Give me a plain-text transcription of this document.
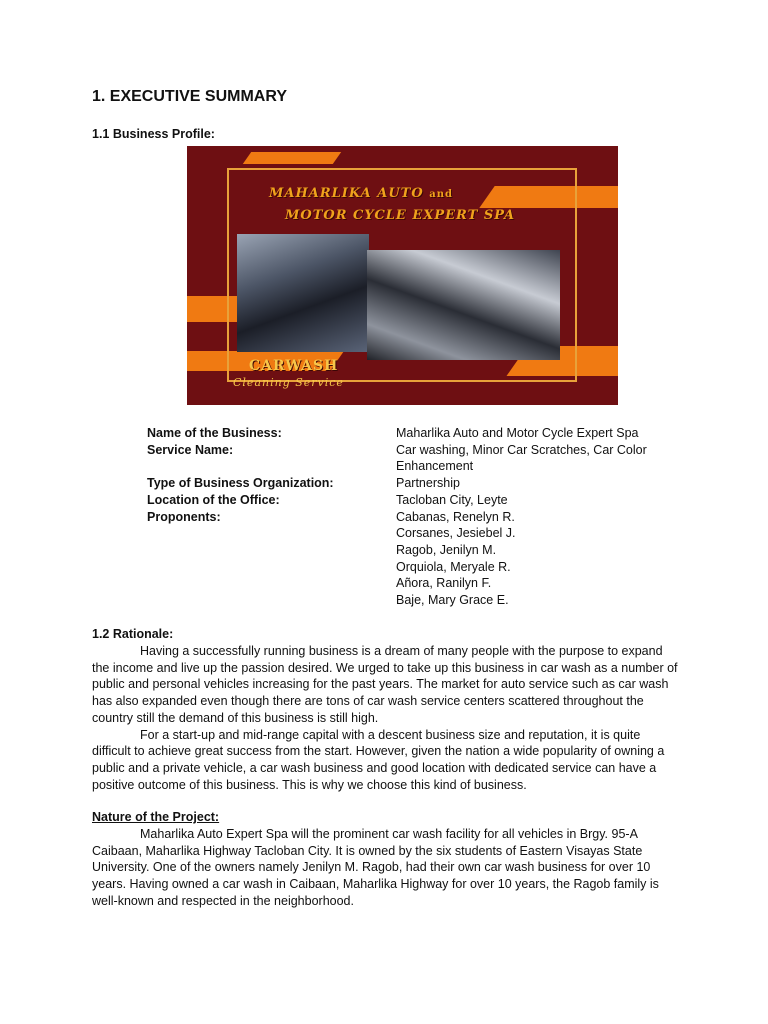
1. EXECUTIVE SUMMARY
1.1 Business Profile:
MAHARLIKA AUTO and
MOTOR CYCLE EXPERT SPA
CARWASH
Cleaning Service
Name of the Business:	Maharlika Auto and Motor Cycle Expert Spa
Service Name:	Car washing, Minor Car Scratches, Car Color
Enhancement
Type of Business Organization:	Partnership
Location of the Office:	Tacloban City, Leyte
Proponents:	Cabanas, Renelyn R.
Corsanes, Jesiebel J.
Ragob, Jenilyn M.
Orquiola, Meryale R.
Añora, Ranilyn F.
Baje, Mary Grace E.
1.2 Rationale:

Having a successfully running business is a dream of many people with the purpose to expand the income and live up the passion desired. We urged to take up this business in car wash as a number of public and personal vehicles increasing for the past years. The market for auto service such as car wash has also expanded even though there are tons of car wash service centers scattered throughout the country still the demand of this business is still high.

For a start-up and mid-range capital with a descent business size and reputation, it is quite difficult to achieve great success from the start. However, given the nation a wide popularity of owning a public and a private vehicle, a car wash business and good location with dedicated service can have a positive outcome of this business. This is why we choose this kind of business.

Nature of the Project:

Maharlika Auto Expert Spa will the prominent car wash facility for all vehicles in Brgy. 95-A Caibaan, Maharlika Highway Tacloban City. It is owned by the six students of Eastern Visayas State University. One of the owners namely Jenilyn M. Ragob, had their own car wash business for over 10 years. Having owned a car wash in Caibaan, Maharlika Highway for over 10 years, the Ragob family is well-known and respected in the neighborhood.
